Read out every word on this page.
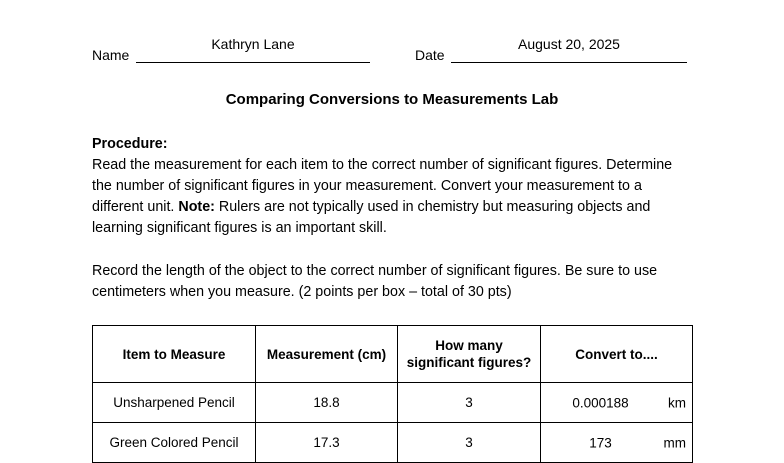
Name
Kathryn Lane
Date
August 20, 2025
Comparing Conversions to Measurements Lab

Procedure:
Read the measurement for each item to the correct number of significant figures. Determine the number of significant figures in your measurement. Convert your measurement to a different unit. Note: Rulers are not typically used in chemistry but measuring objects and learning significant figures is an important skill.

Record the length of the object to the correct number of significant figures. Be sure to use centimeters when you measure. (2 points per box – total of 30 pts)

Item to Measure	Measurement (cm)	How many significant figures?	Convert to....
Unsharpened Pencil	18.8	3	0.000188 km

Green Colored Pencil	17.3	3	173 mm
